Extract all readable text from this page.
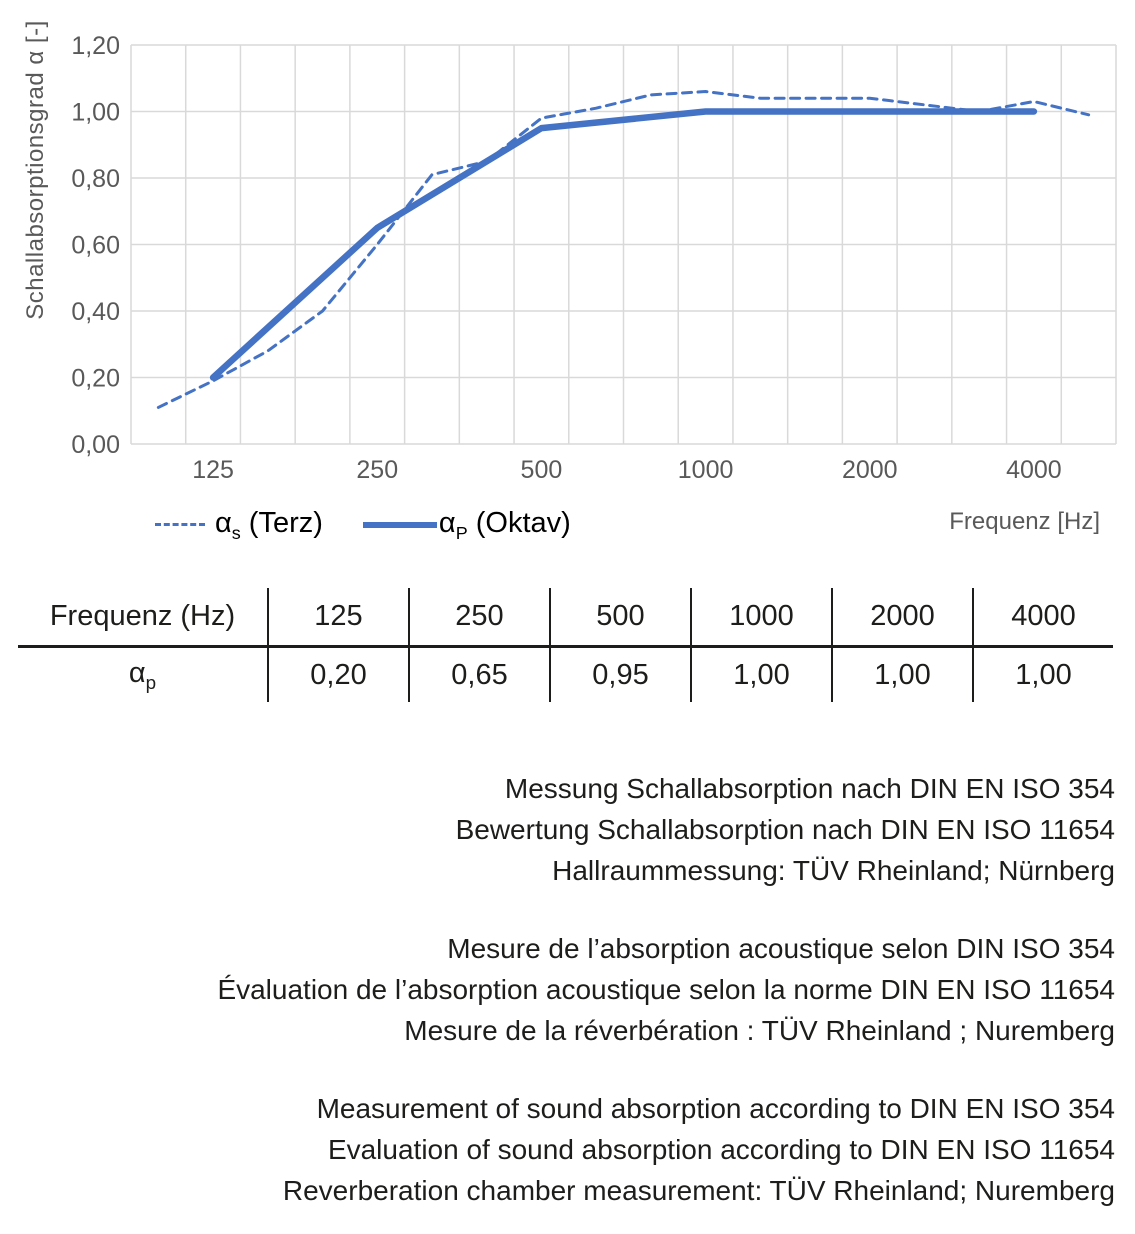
0,00
0,20
0,40
0,60
0,80
1,00
1,20
125	250	500	1000	2000	4000
Schallabsorptionsgrad α [-]
$\alpha_s$ (Terz)	$\alpha_P$ (Oktav)	Frequenz [Hz]
Frequenz (Hz)	125	250	500	1000	2000	4000
$\alpha_p$	0,20	0,65	0,95	1,00	1,00	1,00
Messung Schallabsorption nach DIN EN ISO 354
Bewertung Schallabsorption nach DIN EN ISO 11654
Hallraummessung: TÜV Rheinland; Nürnberg
Mesure de l’absorption acoustique selon DIN ISO 354
Évaluation de l’absorption acoustique selon la norme DIN EN ISO 11654
Mesure de la réverbération : TÜV Rheinland ; Nuremberg
Measurement of sound absorption according to DIN EN ISO 354
Evaluation of sound absorption according to DIN EN ISO 11654
Reverberation chamber measurement: TÜV Rheinland; Nuremberg
